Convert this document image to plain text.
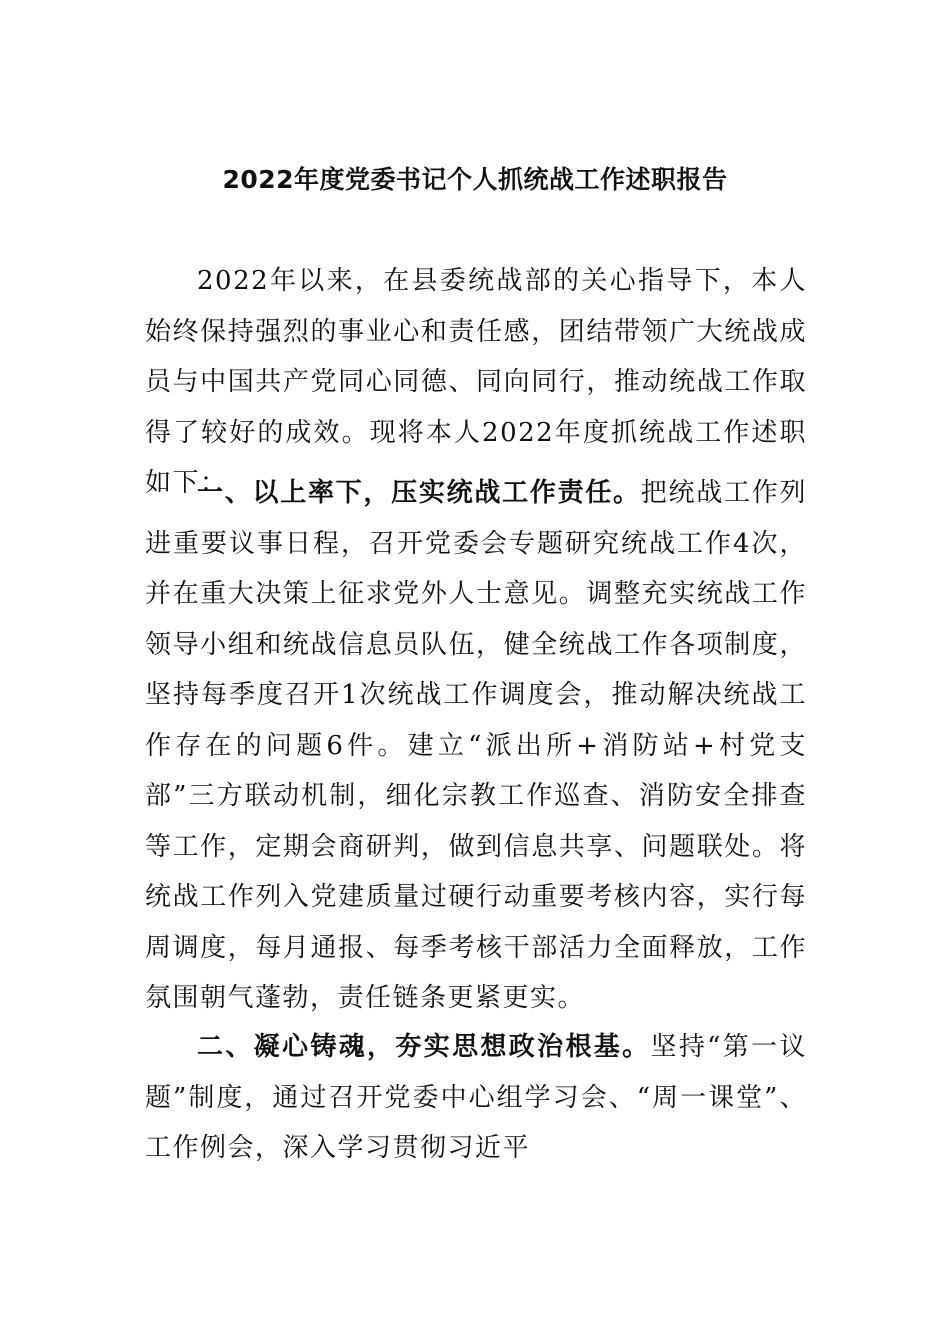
2022年度党委书记个人抓统战工作述职报告

2022年以来，在县委统战部的关心指导下，本人始终保持强烈的事业心和责任感，团结带领广大统战成员与中国共产党同心同德、同向同行，推动统战工作取得了较好的成效。现将本人2022年度抓统战工作述职如下：

一、以上率下，压实统战工作责任。把统战工作列进重要议事日程，召开党委会专题研究统战工作4次，并在重大决策上征求党外人士意见。调整充实统战工作领导小组和统战信息员队伍，健全统战工作各项制度，坚持每季度召开1次统战工作调度会，推动解决统战工作存在的问题6件。建立“派出所+消防站+村党支部”三方联动机制，细化宗教工作巡查、消防安全排查等工作，定期会商研判，做到信息共享、问题联处。将统战工作列入党建质量过硬行动重要考核内容，实行每周调度，每月通报、每季考核干部活力全面释放，工作氛围朝气蓬勃，责任链条更紧更实。

二、凝心铸魂，夯实思想政治根基。坚持“第一议题”制度，通过召开党委中心组学习会、“周一课堂”、工作例会，深入学习贯彻习近平
